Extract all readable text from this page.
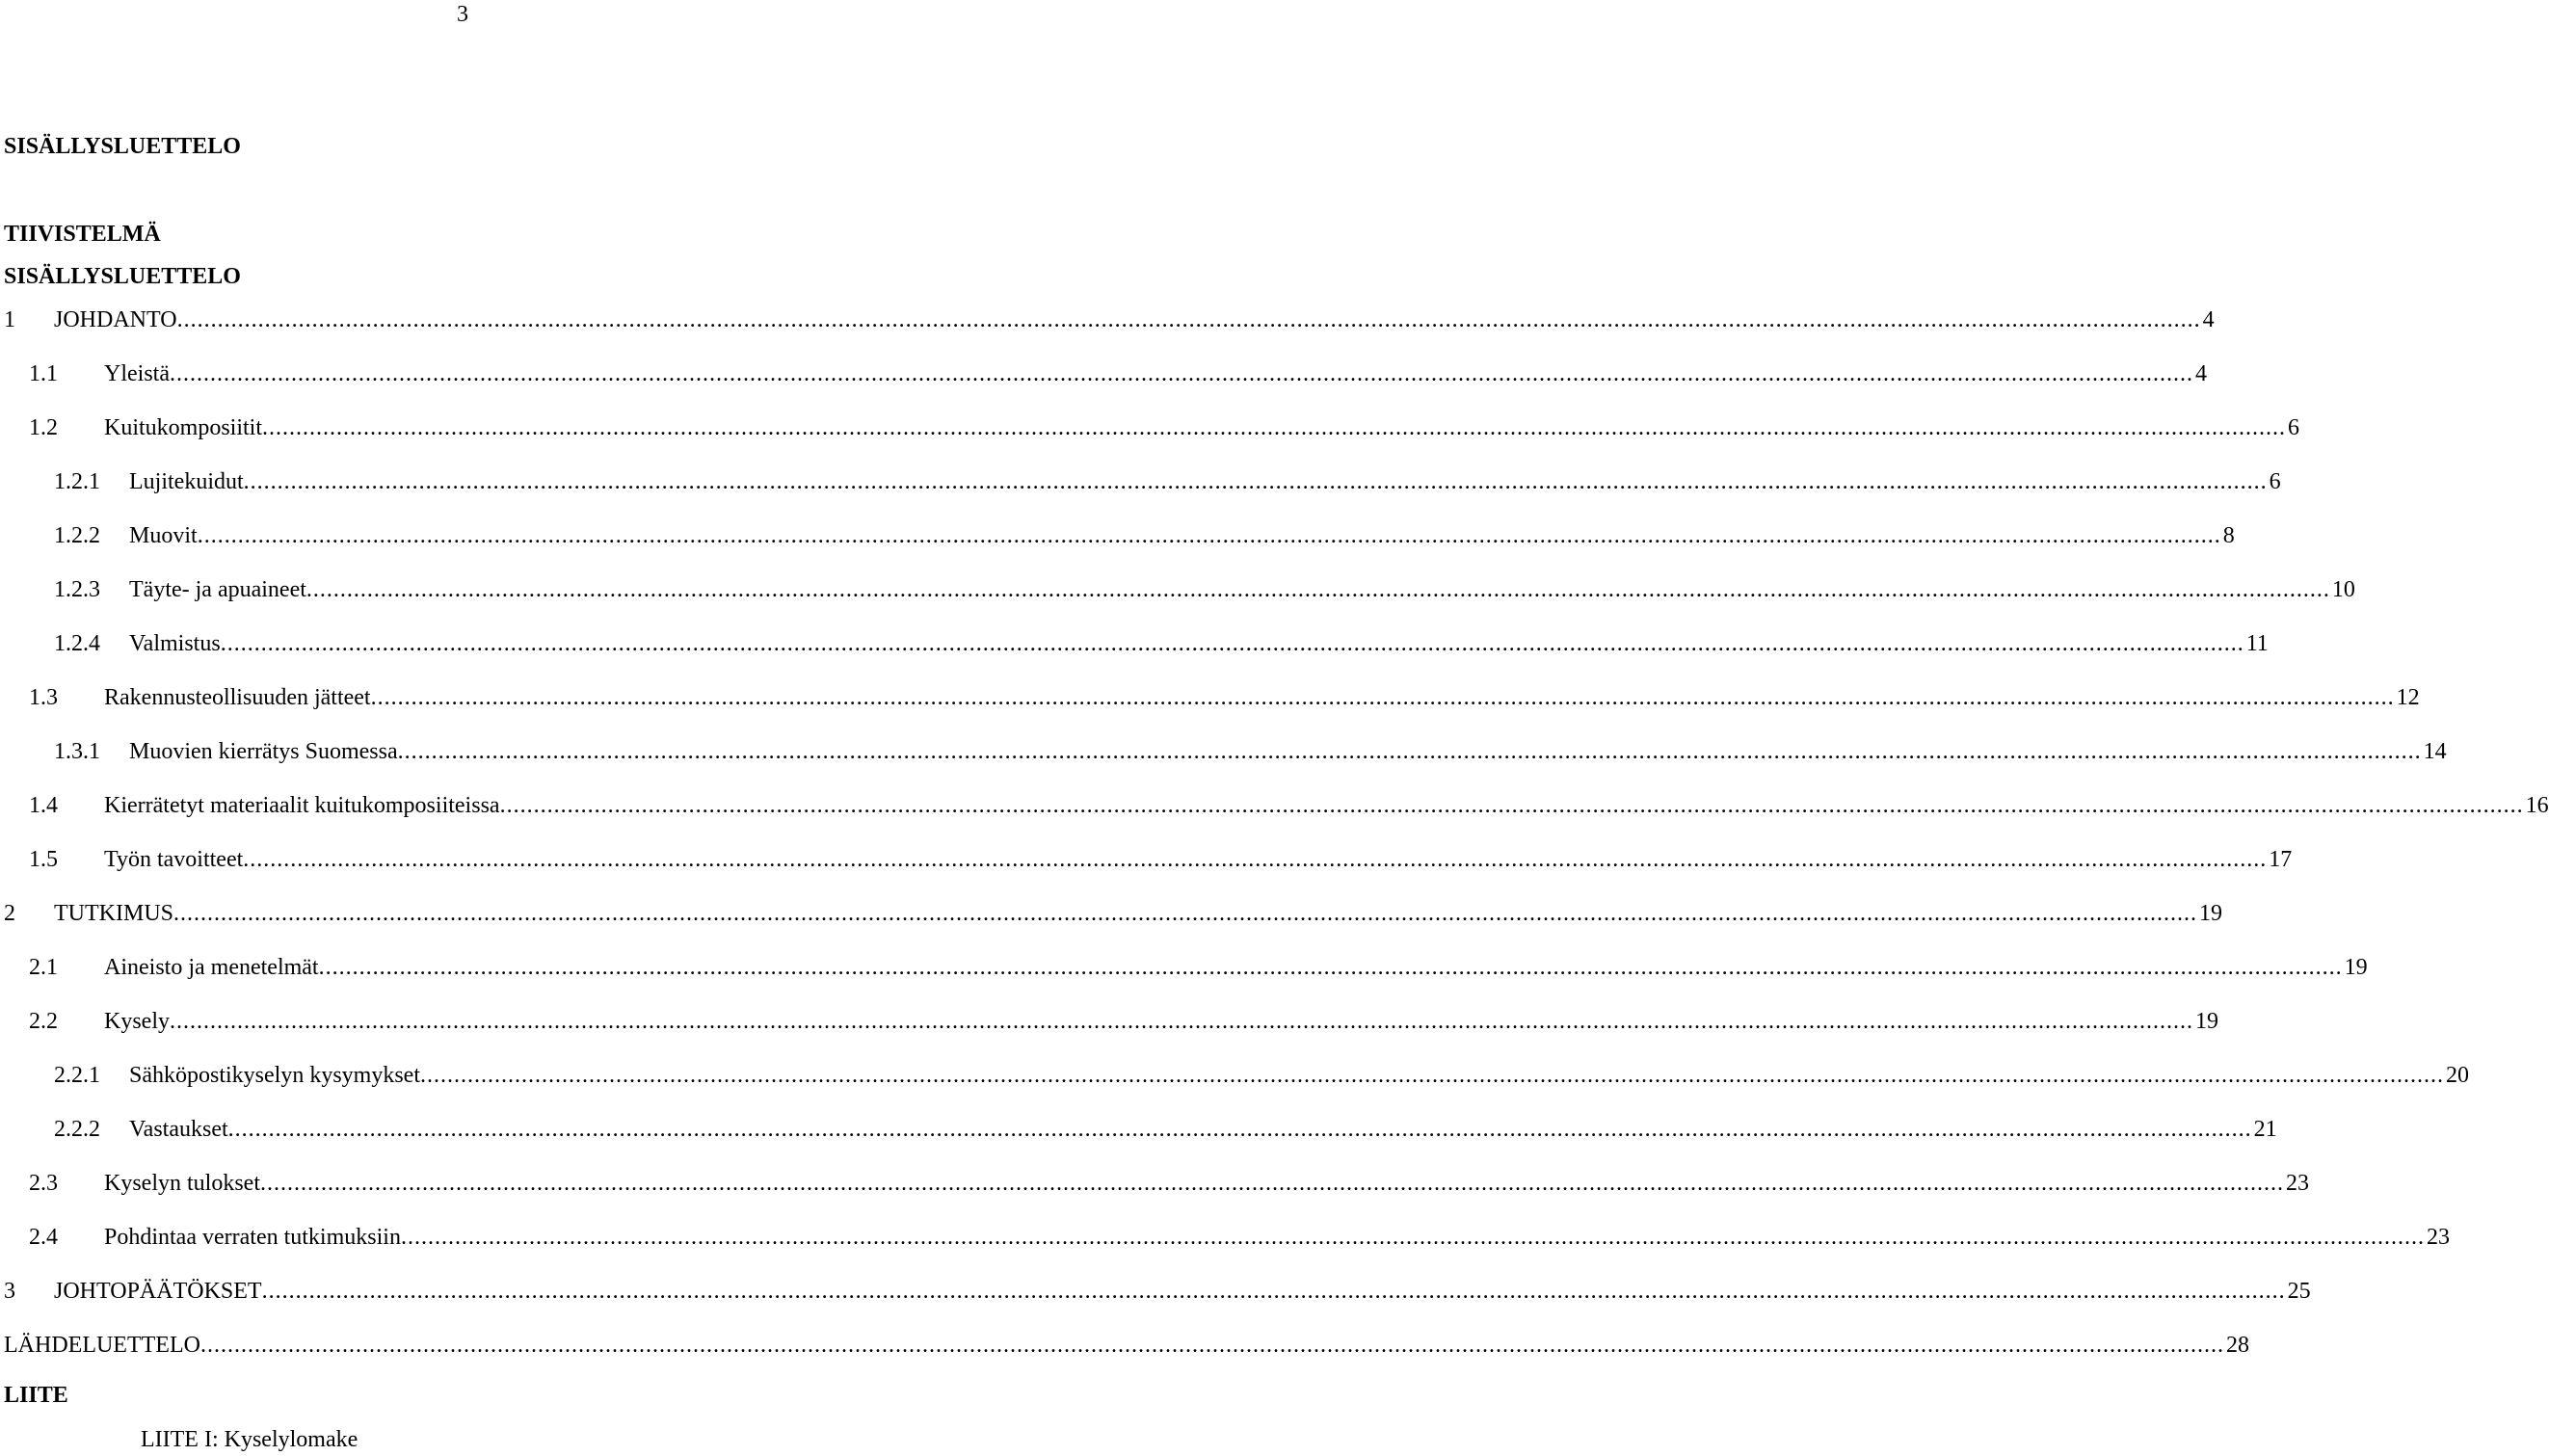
3
SISÄLLYSLUETTELO
TIIVISTELMÄ
SISÄLLYSLUETTELO
1 JOHDANTO ............................................................................................................................................................................................................................................................................................................ 4
1.1 Yleistä ............................................................................................................................................................................................................................................................................................................ 4
1.2 Kuitukomposiitit ............................................................................................................................................................................................................................................................................................................ 6
1.2.1 Lujitekuidut ............................................................................................................................................................................................................................................................................................................ 6
1.2.2 Muovit ............................................................................................................................................................................................................................................................................................................ 8
1.2.3 Täyte- ja apuaineet ............................................................................................................................................................................................................................................................................................................ 10
1.2.4 Valmistus ............................................................................................................................................................................................................................................................................................................ 11
1.3 Rakennusteollisuuden jätteet ............................................................................................................................................................................................................................................................................................................ 12
1.3.1 Muovien kierrätys Suomessa ............................................................................................................................................................................................................................................................................................................ 14
1.4 Kierrätetyt materiaalit kuitukomposiiteissa ............................................................................................................................................................................................................................................................................................................ 16
1.5 Työn tavoitteet ............................................................................................................................................................................................................................................................................................................ 17
2 TUTKIMUS ............................................................................................................................................................................................................................................................................................................ 19
2.1 Aineisto ja menetelmät ............................................................................................................................................................................................................................................................................................................ 19
2.2 Kysely ............................................................................................................................................................................................................................................................................................................ 19
2.2.1 Sähköpostikyselyn kysymykset ............................................................................................................................................................................................................................................................................................................ 20
2.2.2 Vastaukset ............................................................................................................................................................................................................................................................................................................ 21
2.3 Kyselyn tulokset ............................................................................................................................................................................................................................................................................................................ 23
2.4 Pohdintaa verraten tutkimuksiin ............................................................................................................................................................................................................................................................................................................ 23
3 JOHTOPÄÄTÖKSET ............................................................................................................................................................................................................................................................................................................ 25
LÄHDELUETTELO ............................................................................................................................................................................................................................................................................................................ 28
LIITE
LIITE I: Kyselylomake
